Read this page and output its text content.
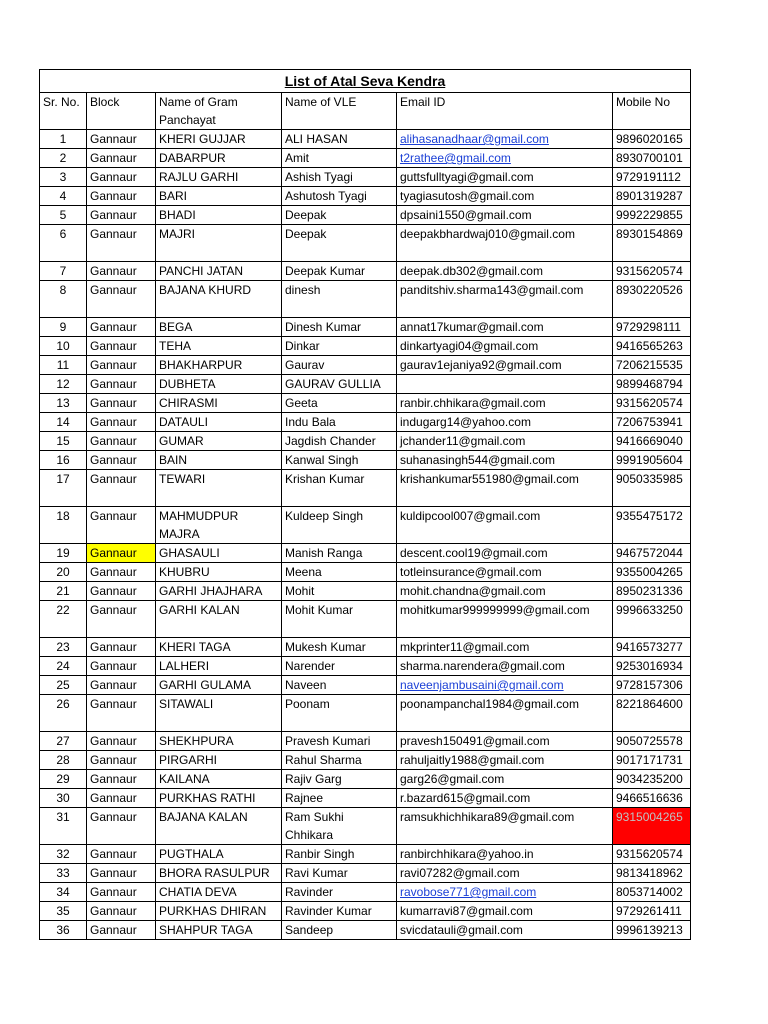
List of Atal Seva Kendra					
Sr. No.	Block	Name of Gram Panchayat	Name of VLE	Email ID	Mobile No
1	Gannaur	KHERI GUJJAR	ALI HASAN	alihasanadhaar@gmail.com	9896020165
2	Gannaur	DABARPUR	Amit	t2rathee@gmail.com	8930700101
3	Gannaur	RAJLU GARHI	Ashish Tyagi	guttsfulltyagi@gmail.com	9729191112
4	Gannaur	BARI	Ashutosh Tyagi	tyagiasutosh@gmail.com	8901319287
5	Gannaur	BHADI	Deepak	dpsaini1550@gmail.com	9992229855
6	Gannaur	MAJRI	Deepak	deepakbhardwaj010@gmail.com	8930154869
7	Gannaur	PANCHI JATAN	Deepak Kumar	deepak.db302@gmail.com	9315620574
8	Gannaur	BAJANA KHURD	dinesh	panditshiv.sharma143@gmail.com	8930220526
9	Gannaur	BEGA	Dinesh Kumar	annat17kumar@gmail.com	9729298111
10	Gannaur	TEHA	Dinkar	dinkartyagi04@gmail.com	9416565263
11	Gannaur	BHAKHARPUR	Gaurav	gaurav1ejaniya92@gmail.com	7206215535
12	Gannaur	DUBHETA	GAURAV GULLIA		9899468794
13	Gannaur	CHIRASMI	Geeta	ranbir.chhikara@gmail.com	9315620574
14	Gannaur	DATAULI	Indu Bala	indugarg14@yahoo.com	7206753941
15	Gannaur	GUMAR	Jagdish Chander	jchander11@gmail.com	9416669040
16	Gannaur	BAIN	Kanwal Singh	suhanasingh544@gmail.com	9991905604
17	Gannaur	TEWARI	Krishan Kumar	krishankumar551980@gmail.com	9050335985
18	Gannaur	MAHMUDPUR MAJRA	Kuldeep Singh	kuldipcool007@gmail.com	9355475172
19	Gannaur	GHASAULI	Manish Ranga	descent.cool19@gmail.com	9467572044
20	Gannaur	KHUBRU	Meena	totleinsurance@gmail.com	9355004265
21	Gannaur	GARHI JHAJHARA	Mohit	mohit.chandna@gmail.com	8950231336
22	Gannaur	GARHI KALAN	Mohit Kumar	mohitkumar999999999@gmail.com	9996633250
23	Gannaur	KHERI TAGA	Mukesh Kumar	mkprinter11@gmail.com	9416573277
24	Gannaur	LALHERI	Narender	sharma.narendera@gmail.com	9253016934
25	Gannaur	GARHI GULAMA	Naveen	naveenjambusaini@gmail.com	9728157306
26	Gannaur	SITAWALI	Poonam	poonampanchal1984@gmail.com	8221864600
27	Gannaur	SHEKHPURA	Pravesh Kumari	pravesh150491@gmail.com	9050725578
28	Gannaur	PIRGARHI	Rahul Sharma	rahuljaitly1988@gmail.com	9017171731
29	Gannaur	KAILANA	Rajiv Garg	garg26@gmail.com	9034235200
30	Gannaur	PURKHAS RATHI	Rajnee	r.bazard615@gmail.com	9466516636
31	Gannaur	BAJANA KALAN	Ram Sukhi Chhikara	ramsukhichhikara89@gmail.com	9315004265
32	Gannaur	PUGTHALA	Ranbir Singh	ranbirchhikara@yahoo.in	9315620574
33	Gannaur	BHORA RASULPUR	Ravi Kumar	ravi07282@gmail.com	9813418962
34	Gannaur	CHATIA DEVA	Ravinder	ravobose771@gmail.com	8053714002
35	Gannaur	PURKHAS DHIRAN	Ravinder Kumar	kumarravi87@gmail.com	9729261411
36	Gannaur	SHAHPUR TAGA	Sandeep	svicdatauli@gmail.com	9996139213
